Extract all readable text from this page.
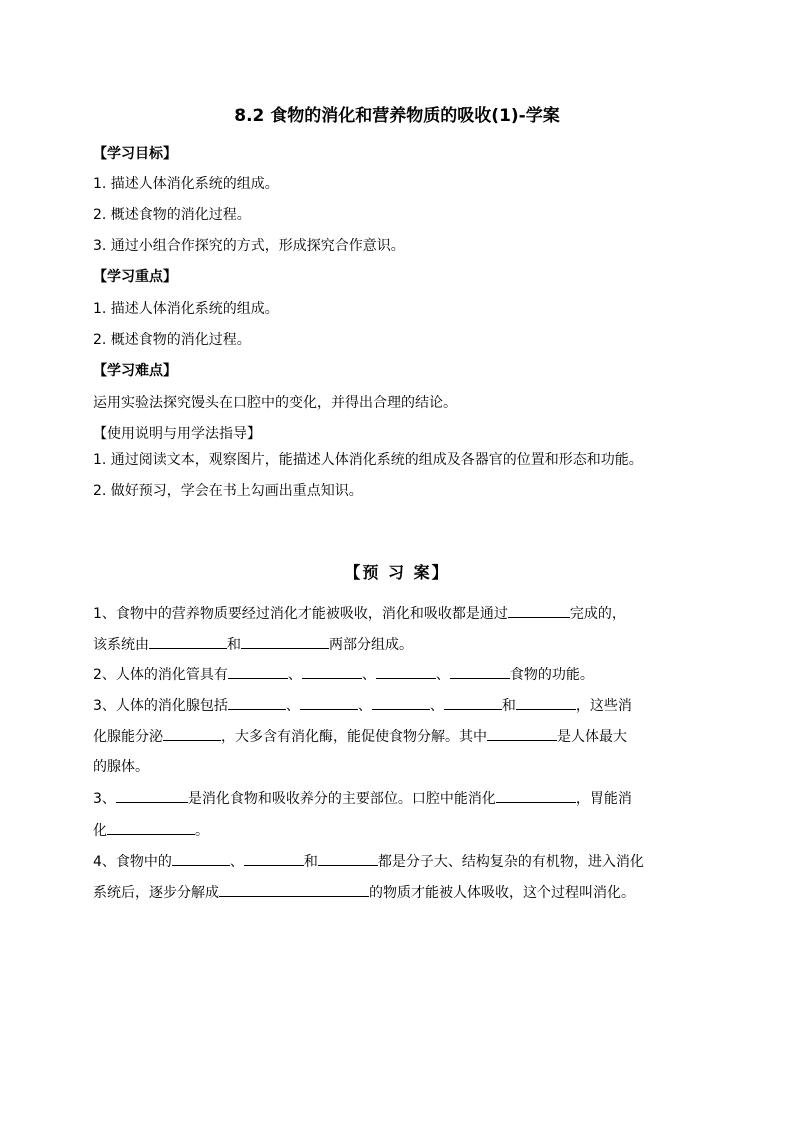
8.2 食物的消化和营养物质的吸收(1)-学案
【学习目标】
1. 描述人体消化系统的组成。
2. 概述食物的消化过程。
3. 通过小组合作探究的方式，形成探究合作意识。
【学习重点】
1. 描述人体消化系统的组成。
2. 概述食物的消化过程。
【学习难点】
运用实验法探究馒头在口腔中的变化，并得出合理的结论。
【使用说明与用学法指导】
1. 通过阅读文本，观察图片，能描述人体消化系统的组成及各器官的位置和形态和功能。
2. 做好预习，学会在书上勾画出重点知识。
【预 习 案】
1、食物中的营养物质要经过消化才能被吸收，消化和吸收都是通过	完成的，
该系统由	和	两部分组成。
2、人体的消化管具有	、	、	、	食物的功能。
3、人体的消化腺包括	、	、	、	和	，这些消
化腺能分泌	，大多含有消化酶，能促使食物分解。其中	是人体最大
的腺体。
3、	是消化食物和吸收养分的主要部位。口腔中能消化	，胃能消
化	。
4、食物中的	、	和	都是分子大、结构复杂的有机物，进入消化
系统后，逐步分解成	的物质才能被人体吸收，这个过程叫消化。
